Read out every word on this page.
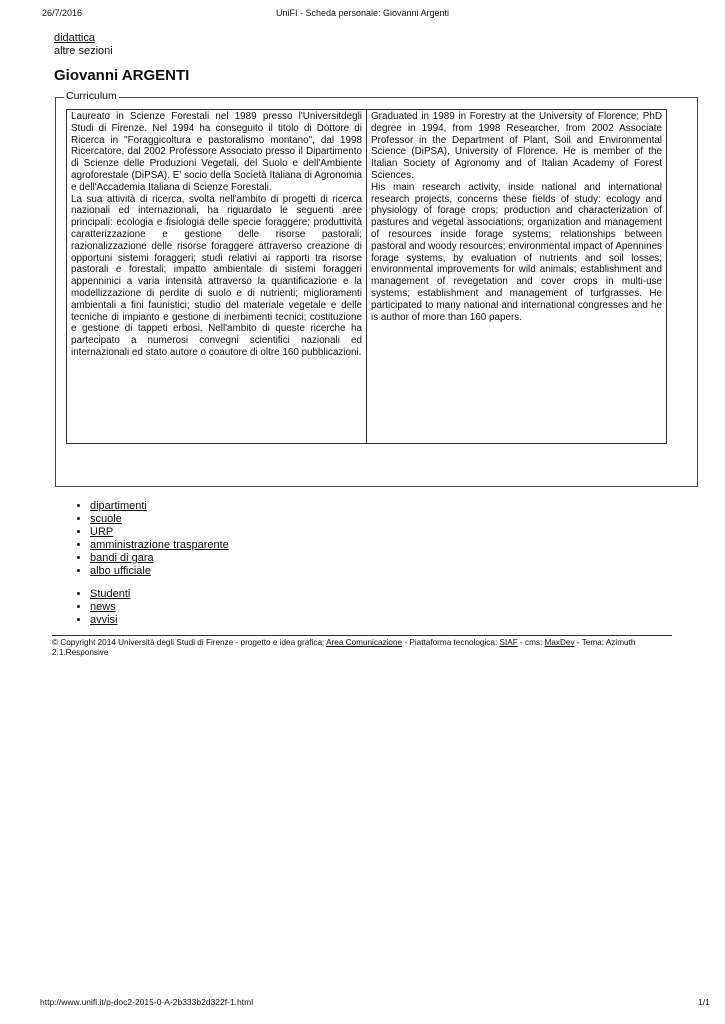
26/7/2016	UniFI - Scheda personale: Giovanni Argenti
didattica
altre sezioni
Giovanni ARGENTI
Curriculum

Laureato in Scienze Forestali nel 1989 presso l'Universitdegli Studi di Firenze. Nel 1994 ha conseguito il titolo di Dottore di Ricerca in "Foraggicoltura e pastoralismo montano", dal 1998 Ricercatore, dal 2002 Professore Associato presso il Dipartimento di Scienze delle Produzioni Vegetali, del Suolo e dell'Ambiente agroforestale (DiPSA). E' socio della Società Italiana di Agronomia e dell'Accademia Italiana di Scienze Forestali.

La sua attività di ricerca, svolta nell'ambito di progetti di ricerca nazionali ed internazionali, ha riguardato le seguenti aree principali: ecologia e fisiologia delle specie foraggere; produttività caratterizzazione e gestione delle risorse pastorali; razionalizzazione delle risorse foraggere attraverso creazione di opportuni sistemi foraggeri; studi relativi ai rapporti tra risorse pastorali e forestali; impatto ambientale di sistemi foraggeri appenninici a varia intensità attraverso la quantificazione e la modellizzazione di perdite di suolo e di nutrienti; miglioramenti ambientali a fini faunistici; studio del materiale vegetale e delle tecniche di impianto e gestione di inerbimenti tecnici; costituzione e gestione di tappeti erbosi. Nell'ambito di queste ricerche ha partecipato a numerosi convegni scientifici nazionali ed internazionali ed stato autore o coautore di oltre 160 pubblicazioni.

Graduated in 1989 in Forestry at the University of Florence; PhD degree in 1994, from 1998 Researcher, from 2002 Associate Professor in the Department of Plant, Soil and Environmental Science (DiPSA), University of Florence. He is member of the Italian Society of Agronomy and of Italian Academy of Forest Sciences.

His main research activity, inside national and international research projects, concerns these fields of study: ecology and physiology of forage crops; production and characterization of pastures and vegetal associations; organization and management of resources inside forage systems; relationships between pastoral and woody resources; environmental impact of Apennines forage systems, by evaluation of nutrients and soil losses; environmental improvements for wild animals; establishment and management of revegetation and cover crops in multi-use systems; establishment and management of turfgrasses. He participated to many national and international congresses and he is author of more than 160 papers.

• dipartimenti
• scuole
• URP
• amministrazione trasparente
• bandi di gara
• albo ufficiale
• Studenti
• news
• avvisi
© Copyright 2014 Università degli Studi di Firenze - progetto e idea grafica: Area Comunicazione - Piattaforma tecnologica: SIAF - cms: MaxDev - Tema: Azimuth 2.1.Responsive
http://www.unifi.it/p-doc2-2015-0-A-2b333b2d322f-1.html	1/1
